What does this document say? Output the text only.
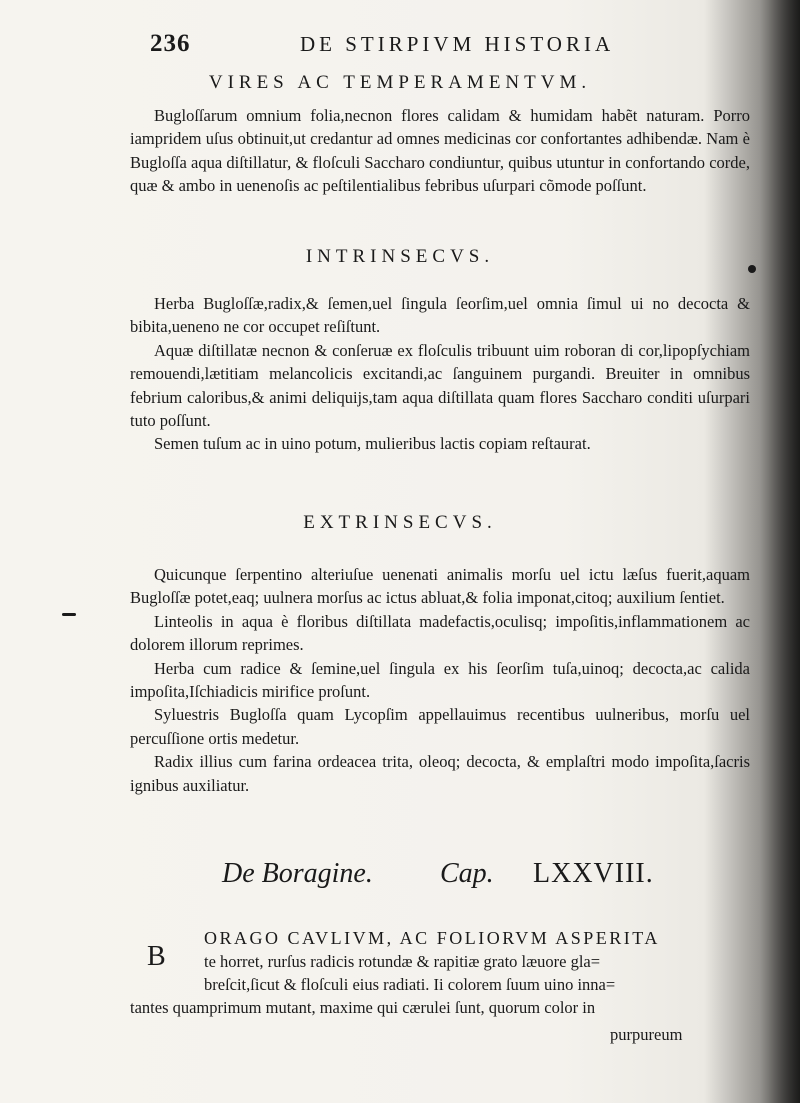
236	DE STIRPIVM HISTORIA
VIRES AC TEMPERAMENTVM.

Bugloſſarum omnium folia,necnon flores calidam & humidam habẽt naturam. Porro iampridem uſus obtinuit,ut credantur ad omnes medicinas cor confortantes adhibendæ. Nam è Bugloſſa aqua diſtillatur, & floſculi Saccharo condiuntur, quibus utuntur in confortando corde, quæ & ambo in uenenoſis ac peſtilentialibus febribus uſurpari cõmode poſſunt.

INTRINSECVS.

Herba Bugloſſæ,radix,& ſemen,uel ſingula ſeorſim,uel omnia ſimul ui no decocta & bibita,ueneno ne cor occupet reſiſtunt.

Aquæ diſtillatæ necnon & conſeruæ ex floſculis tribuunt uim roboran di cor,lipopſychiam remouendi,lætitiam melancolicis excitandi,ac ſanguinem purgandi. Breuiter in omnibus febrium caloribus,& animi deliquijs,tam aqua diſtillata quam flores Saccharo conditi uſurpari tuto poſſunt.

Semen tuſum ac in uino potum, mulieribus lactis copiam reſtaurat.

EXTRINSECVS.

Quicunque ſerpentino alteriuſue uenenati animalis morſu uel ictu læſus fuerit,aquam Bugloſſæ potet,eaq; uulnera morſus ac ictus abluat,& folia imponat,citoq; auxilium ſentiet.

Linteolis in aqua è floribus diſtillata madefactis,oculisq; impoſitis,inflammationem ac dolorem illorum reprimes.

Herba cum radice & ſemine,uel ſingula ex his ſeorſim tuſa,uinoq; decocta,ac calida impoſita,Iſchiadicis mirifice proſunt.

Syluestris Bugloſſa quam Lycopſim appellauimus recentibus uulneribus, morſu uel percuſſione ortis medetur.

Radix illius cum farina ordeacea trita, oleoq; decocta, & emplaſtri modo impoſita,ſacris ignibus auxiliatur.

De Boragine. Cap. LXXVIII.
B
ORAGO CAVLIVM, AC FOLIORVM ASPERITA

te horret, rurſus radicis rotundæ & rapitiæ grato læuore gla=

breſcit,ſicut & floſculi eius radiati. Ii colorem ſuum uino inna=

tantes quamprimum mutant, maxime qui cærulei ſunt, quorum color in

purpureum
